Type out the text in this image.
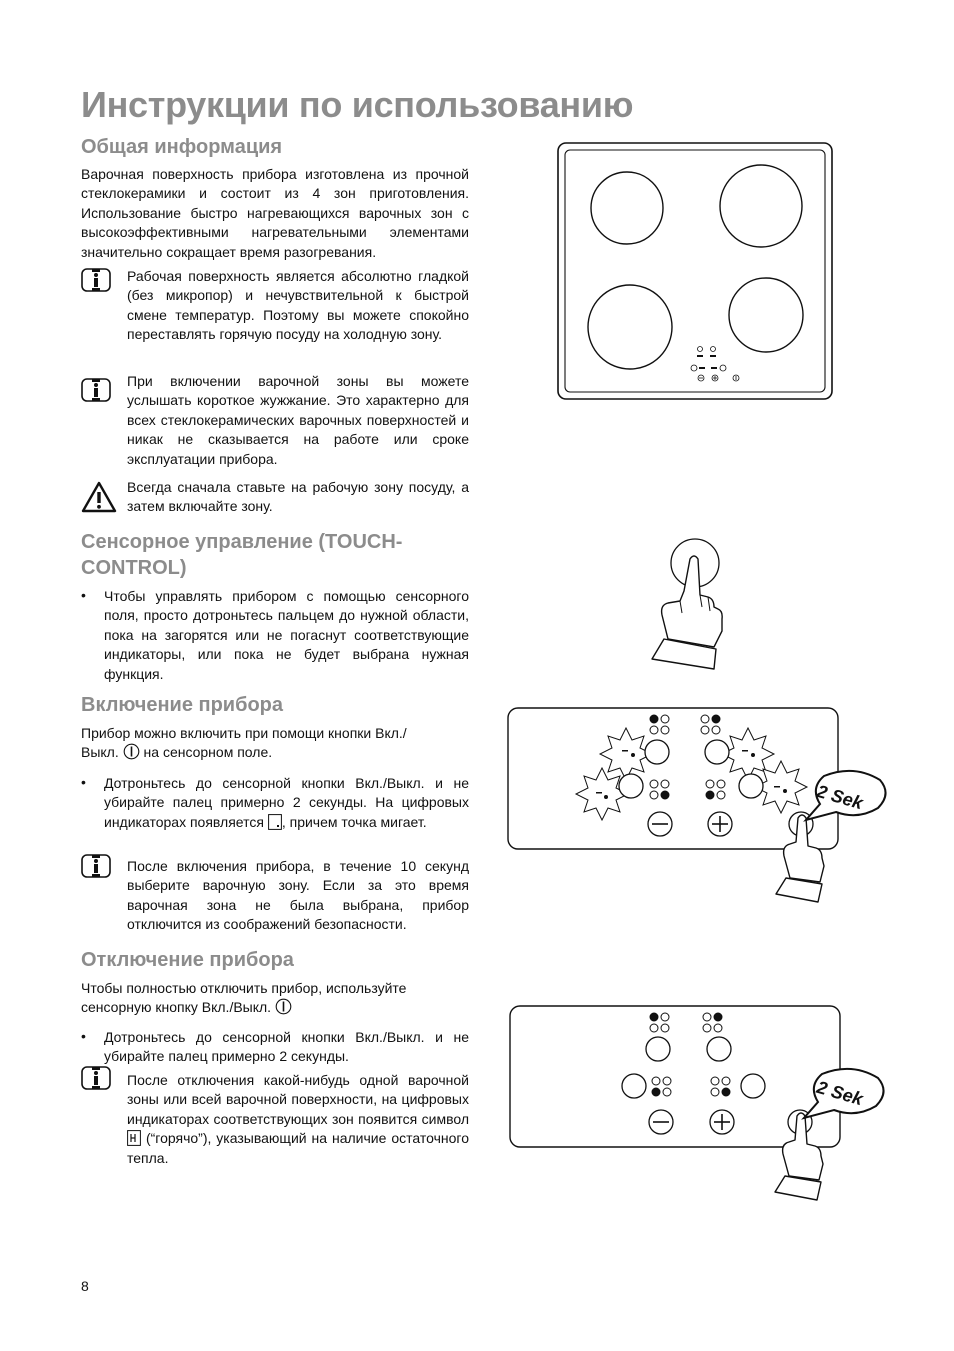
Инструкции по использованию
Общая информация

Варочная поверхность прибора изготовлена из прочной стеклокерамики и состоит из 4 зон приготовления. Использование быстро нагревающихся варочных зон с высокоэффективными нагревательными элементами значительно сокращает время разогревания.

Рабочая поверхность является абсолютно гладкой (без микропор) и нечувствительной к быстрой смене температур. Поэтому вы можете спокойно переставлять горячую посуду на холодную зону.

При включении варочной зоны вы можете услышать короткое жужжание. Это характерно для всех стеклокерамических варочных поверхностей и никак не сказывается на работе или сроке эксплуатации прибора.

Всегда сначала ставьте на рабочую зону посуду, а затем включайте зону.

Сенсорное управление (TOUCH-
CONTROL)
• Чтобы управлять прибором с помощью сенсорного поля, просто дотроньтесь пальцем до нужной области, пока на загорятся или не погаснут соответствующие индикаторы, или пока не будет выбрана нужная функция.

Включение прибора

Прибор можно включить при помощи кнопки Вкл./
Выкл. на сенсорном поле.

• Дотроньтесь до сенсорной кнопки Вкл./Выкл. и не убирайте палец примерно 2 секунды. На цифровых индикаторах появляется , причем точка мигает.

После включения прибора, в течение 10 секунд выберите варочную зону. Если за это время варочная зона не была выбрана, прибор отключится из соображений безопасности.

Отключение прибора

Чтобы полностью отключить прибор, используйте
сенсорную кнопку Вкл./Выкл.

• Дотроньтесь до сенсорной кнопки Вкл./Выкл. и не убирайте палец примерно 2 секунды.

После отключения какой-нибудь одной варочной зоны или всей варочной поверхности, на цифровых индикаторах соответствующих зон появится символ  (“горячо”), указывающий на наличие остаточного тепла.

2 Sek
2 Sek
8
